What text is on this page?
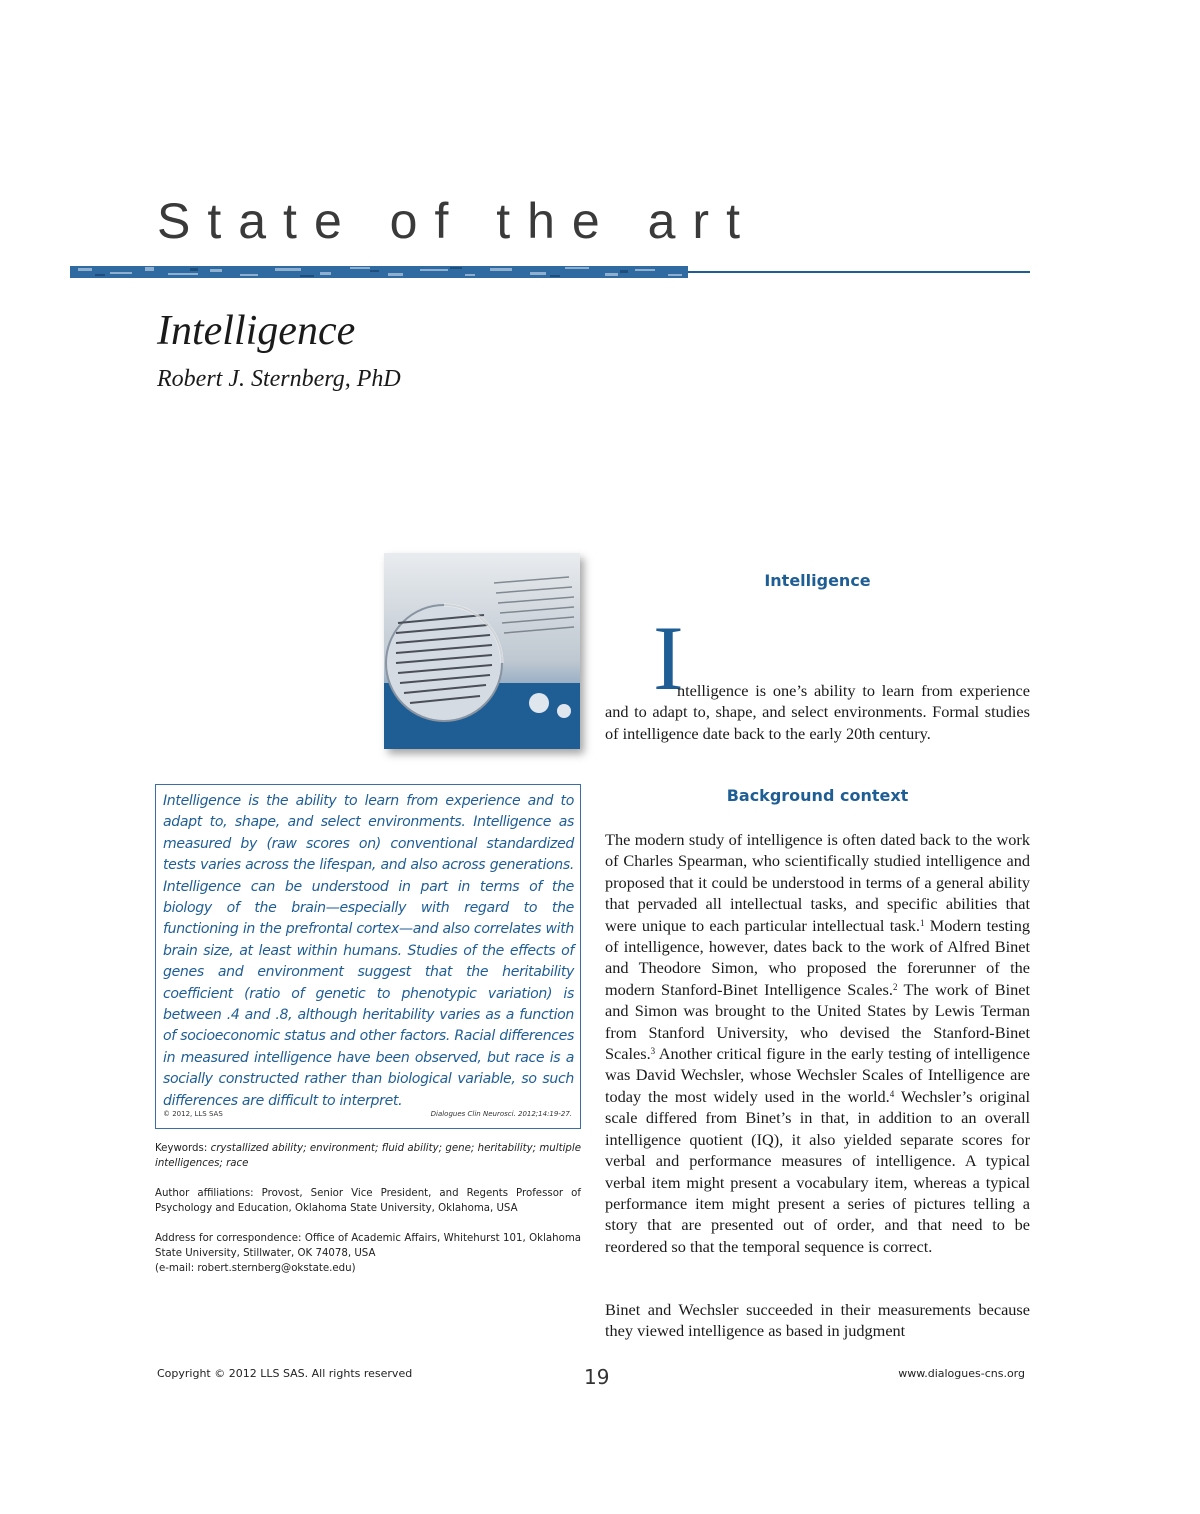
State of the art
Intelligence
Robert J. Sternberg, PhD
Intelligence is the ability to learn from experience and to adapt to, shape, and select environments. Intelligence as measured by (raw scores on) conventional standardized tests varies across the lifespan, and also across generations. Intelligence can be understood in part in terms of the biology of the brain—especially with regard to the functioning in the prefrontal cortex—and also correlates with brain size, at least within humans. Studies of the effects of genes and environment suggest that the heritability coefficient (ratio of genetic to phenotypic variation) is between .4 and .8, although heritability varies as a function of socioeconomic status and other factors. Racial differences in measured intelligence have been observed, but race is a socially constructed rather than biological variable, so such differences are difficult to interpret.
© 2012, LLS SAS	Dialogues Clin Neurosci. 2012;14:19-27.
Keywords: crystallized ability; environment; fluid ability; gene; heritability; multiple intelligences; race
Author affiliations: Provost, Senior Vice President, and Regents Professor of Psychology and Education, Oklahoma State University, Oklahoma, USA
Address for correspondence: Office of Academic Affairs, Whitehurst 101, Oklahoma State University, Stillwater, OK 74078, USA
(e-mail: robert.sternberg@okstate.edu)
Intelligence
I
ntelligence is one’s ability to learn from experience and to adapt to, shape, and select environments. Formal studies of intelligence date back to the early 20th century.
Background context
The modern study of intelligence is often dated back to the work of Charles Spearman, who scientifically studied intelligence and proposed that it could be understood in terms of a general ability that pervaded all intellectual tasks, and specific abilities that were unique to each particular intellectual task.$^1$ Modern testing of intelligence, however, dates back to the work of Alfred Binet and Theodore Simon, who proposed the forerunner of the modern Stanford-Binet Intelligence Scales.$^2$ The work of Binet and Simon was brought to the United States by Lewis Terman from Stanford University, who devised the Stanford-Binet Scales.$^3$ Another critical figure in the early testing of intelligence was David Wechsler, whose Wechsler Scales of Intelligence are today the most widely used in the world.$^4$ Wechsler’s original scale differed from Binet’s in that, in addition to an overall intelligence quotient (IQ), it also yielded separate scores for verbal and performance measures of intelligence. A typical verbal item might present a vocabulary item, whereas a typical performance item might present a series of pictures telling a story that are presented out of order, and that need to be reordered so that the temporal sequence is correct.
Binet and Wechsler succeeded in their measurements because they viewed intelligence as based in judgment
Copyright © 2012 LLS SAS. All rights reserved	19	www.dialogues-cns.org
